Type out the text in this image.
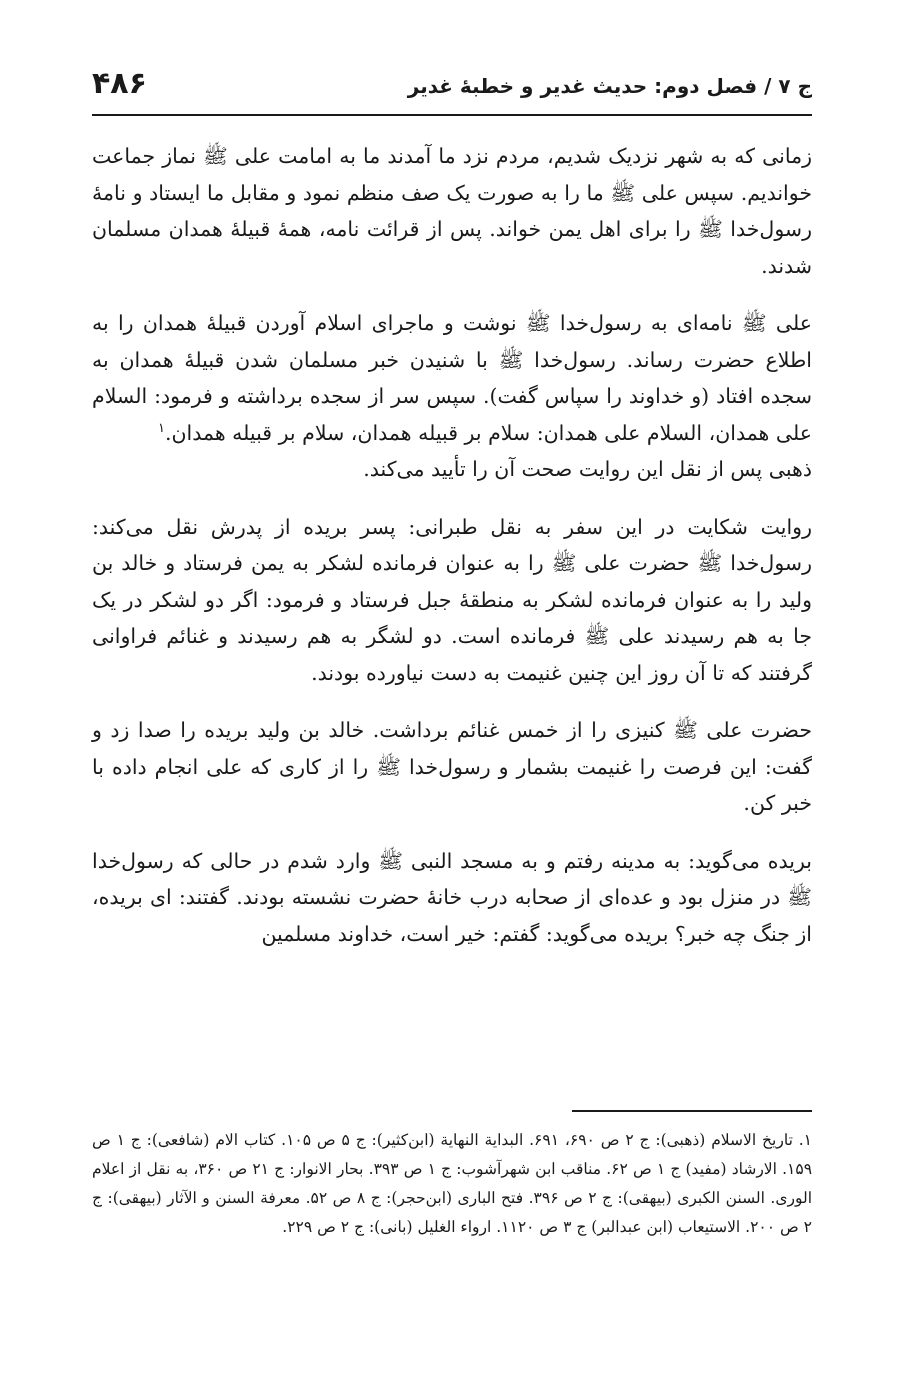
ج ۷ / فصل دوم: حدیث غدیر و خطبهٔ غدیر
۴۸۶

زمانی که به شهر نزدیک شدیم، مردم نزد ما آمدند ما به امامت علی ﷺ نماز جماعت خواندیم. سپس علی ﷺ ما را به صورت یک صف منظم نمود و مقابل ما ایستاد و نامهٔ رسول‌خدا ﷺ را برای اهل یمن خواند. پس از قرائت نامه، همهٔ قبیلهٔ همدان مسلمان شدند.

علی ﷺ نامه‌ای به رسول‌خدا ﷺ نوشت و ماجرای اسلام آوردن قبیلهٔ همدان را به اطلاع حضرت رساند. رسول‌خدا ﷺ با شنیدن خبر مسلمان شدن قبیلهٔ همدان به سجده افتاد (و خداوند را سپاس گفت). سپس سر از سجده برداشته و فرمود: السلام علی همدان، السلام علی همدان: سلام بر قبیله همدان، سلام بر قبیله همدان.$^۱$

ذهبی پس از نقل این روایت صحت آن را تأیید می‌کند.

روایت شکایت در این سفر به نقل طبرانی: پسر بریده از پدرش نقل می‌کند: رسول‌خدا ﷺ حضرت علی ﷺ را به عنوان فرمانده لشکر به یمن فرستاد و خالد بن ولید را به عنوان فرمانده لشکر به منطقهٔ جبل فرستاد و فرمود: اگر دو لشکر در یک جا به هم رسیدند علی ﷺ فرمانده است. دو لشگر به هم رسیدند و غنائم فراوانی گرفتند که تا آن روز این چنین غنیمت به دست نیاورده بودند.

حضرت علی ﷺ کنیزی را از خمس غنائم برداشت. خالد بن ولید بریده را صدا زد و گفت: این فرصت را غنیمت بشمار و رسول‌خدا ﷺ را از کاری که علی انجام داده با خبر کن.

بریده می‌گوید: به مدینه رفتم و به مسجد النبی ﷺ وارد شدم در حالی که رسول‌خدا ﷺ در منزل بود و عده‌ای از صحابه درب خانهٔ حضرت نشسته بودند. گفتند: ای بریده، از جنگ چه خبر؟ بریده می‌گوید: گفتم: خیر است، خداوند مسلمین

۱. تاریخ الاسلام (ذهبی): ج ۲ ص ۶۹۰، ۶۹۱. البدایة النهایة (ابن‌کثیر): ج ۵ ص ۱۰۵. کتاب الام (شافعی): ج ۱ ص ۱۵۹. الارشاد (مفید) ج ۱ ص ۶۲. مناقب ابن شهرآشوب: ج ۱ ص ۳۹۳. بحار الانوار: ج ۲۱ ص ۳۶۰، به نقل از اعلام الوری. السنن الکبری (بیهقی): ج ۲ ص ۳۹۶. فتح الباری (ابن‌حجر): ج ۸ ص ۵۲. معرفة السنن و الآثار (بیهقی): ج ۲ ص ۲۰۰. الاستیعاب (ابن عبدالبر) ج ۳ ص ۱۱۲۰. ارواء الغلیل (بانی): ج ۲ ص ۲۲۹.
